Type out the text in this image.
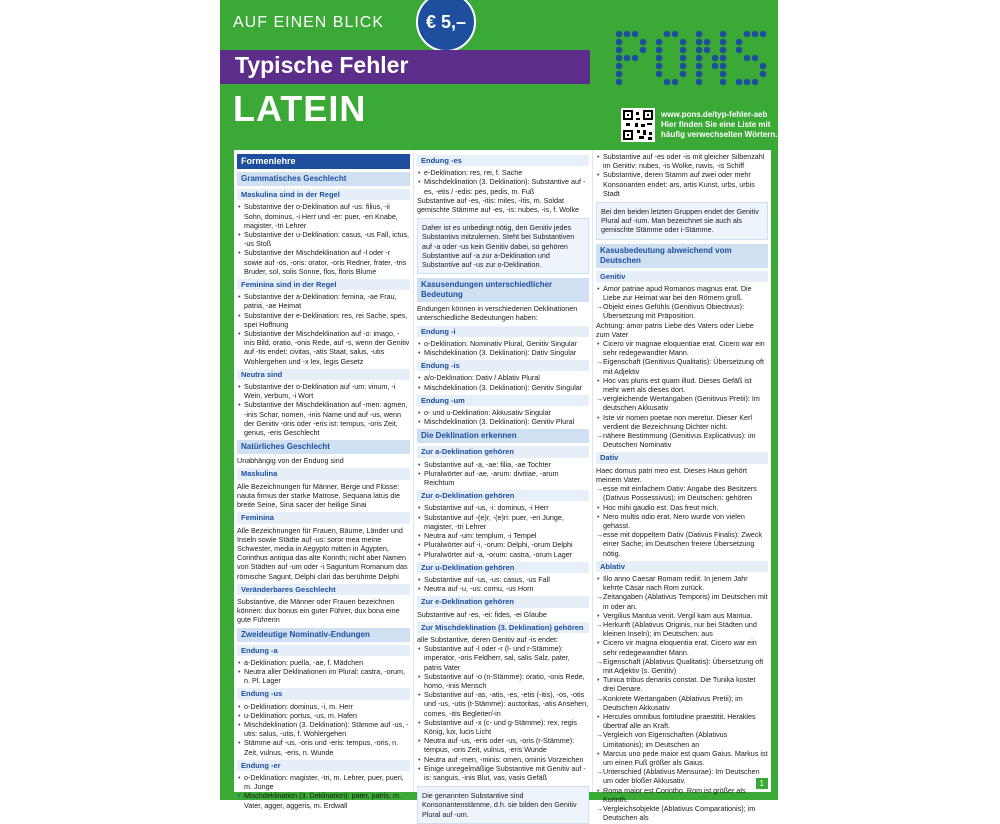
AUF EINEN BLICK	€ 5,–
Typische Fehler
LATEIN	www.pons.de/typ-fehler-aeb
Hier finden Sie eine Liste mit
häufig verwechselten Wörtern.
Formenlehre
Grammatisches Geschlecht
Maskulina sind in der Regel
• Substantive der o-Deklination auf -us: filius, -ii Sohn, dominus, -i Herr und -er: puer, -eri Knabe, magister, -tri Lehrer
• Substantive der u-Deklination: casus, -us Fall, ictus, -us Stoß
• Substantive der Mischdeklination auf -l oder -r sowie auf -os, -oris: orator, -oris Redner, frater, -tris Bruder, sol, solis Sonne, flos, floris Blume
Feminina sind in der Regel
• Substantive der a-Deklination: femina, -ae Frau, patria, -ae Heimat
• Substantive der e-Deklination: res, rei Sache, spes, spei Hoffnung
• Substantive der Mischdeklination auf -o: imago, -inis Bild, oratio, -onis Rede, auf -s, wenn der Genitiv auf -tis endet: civitas, -atis Staat, salus, -utis Wohlergehen und -x lex, legis Gesetz
Neutra sind
• Substantive der o-Deklination auf -um: vinum, -i Wein, verbum, -i Wort
• Substantive der Mischdeklination auf -men: agmen, -inis Schar, nomen, -inis Name und auf -us, wenn der Genitiv -oris oder -eris ist: tempus, -oris Zeit, genus, -eris Geschlecht
Natürliches Geschlecht
Unabhängig von der Endung sind
Maskulina
Alle Bezeichnungen für Männer, Berge und Flüsse: nauta firmus der starke Matrose, Sequana latus die breite Seine, Sina sacer der heilige Sinai
Feminina
Alle Bezeichnungen für Frauen, Bäume, Länder und Inseln sowie Städte auf -us: soror mea meine Schwester, media in Aegypto mitten in Ägypten, Corinthus antiqua das alte Korinth; nicht aber Namen von Städten auf -um oder -i Saguntum Romanum das römische Sagunt, Delphi clari das berühmte Delphi
Veränderbares Geschlecht
Substantive, die Männer oder Frauen bezeichnen können: dux bonus ein guter Führer, dux bona eine gute Führerin
Zweideutige Nominativ-Endungen
Endung -a
• a-Deklination: puella, -ae, f. Mädchen
• Neutra aller Deklinationen im Plural: castra, -orum, n. Pl. Lager
Endung -us
• o-Deklination: dominus, -i, m. Herr
• u-Deklination: portus, -us, m. Hafen
• Mischdeklination (3. Deklination): Stämme auf -us, -utis: salus, -utis, f. Wohlergehen
• Stämme auf -us, -oris und -eris: tempus, -oris, n. Zeit, vulnus, -eris, n. Wunde
Endung -er
• o-Deklination: magister, -tri, m. Lehrer, puer, pueri, m. Junge
• Mischdeklination (3. Deklination): pater, patris, m. Vater, agger, aggeris, m. Erdwall
Endung -es
• e-Deklination: res, rei, f. Sache
• Mischdeklination (3. Deklination): Substantive auf -es, -etis / -edis: pes, pedis, m. Fuß
Substantive auf -es, -itis: miles, -itis, m. Soldat gemischte Stämme auf -es, -is: nubes, -is, f. Wolke
Daher ist es unbedingt nötig, den Genitiv jedes Substantivs mitzulernen. Steht bei Substantiven auf -a oder -us kein Genitiv dabei, so gehören Substantive auf -a zur a-Deklination und Substantive auf -us zur o-Deklination.
Kasusendungen unterschiedlicher Bedeutung
Endungen können in verschiedenen Deklinationen unterschiedliche Bedeutungen haben:
Endung -i
• o-Deklination: Nominativ Plural, Genitiv Singular
• Mischdeklination (3. Deklination): Dativ Singular
Endung -is
• a/o-Deklination: Dativ / Ablativ Plural
• Mischdeklination (3. Deklination): Genitiv Singular
Endung -um
• o- und u-Deklination: Akkusativ Singular
• Mischdeklination (3. Deklination): Genitiv Plural
Die Deklination erkennen
Zur a-Deklination gehören
• Substantive auf -a, -ae: filia, -ae Tochter
• Pluralwörter auf -ae, -arum: divitiae, -arum Reichtum
Zur o-Deklination gehören
• Substantive auf -us, -i: dominus, -i Herr
• Substantive auf -(e)r, -(e)ri: puer, -eri Junge, magister, -tri Lehrer
• Neutra auf -um: templum, -i Tempel
• Pluralwörter auf -i, -orum: Delphi, -orum Delphi
• Pluralwörter auf -a, -orum: castra, -orum Lager
Zur u-Deklination gehören
• Substantive auf -us, -us: casus, -us Fall
• Neutra auf -u, -us: cornu, -us Horn
Zur e-Deklination gehören
Substantive auf -es, -ei: fides, -ei Glaube
Zur Mischdeklination (3. Deklination) gehören
alle Substantive, deren Genitiv auf -is endet:
• Substantive auf -l oder -r (l- und r-Stämme): imperator, -oris Feldherr, sal, salis Salz, pater, patris Vater
• Substantive auf -o (n-Stämme): oratio, -onis Rede, homo, -inis Mensch
• Substantive auf -as, -atis, -es, -etis (-itis), -os, -otis und -us, -utis (t-Stämme): auctoritas, -atis Ansehen, comes, -itis Begleiter/-in
• Substantive auf -x (c- und g-Stämme): rex, regis König, lux, lucis Licht
• Neutra auf -us, -eris oder -us, -oris (r-Stämme): tempus, -oris Zeit, vulnus, -eris Wunde
• Neutra auf -men, -minis: omen, ominis Vorzeichen
• Einige unregelmäßige Substantive mit Genitiv auf -is: sanguis, -inis Blut, vas, vasis Gefäß
Die genannten Substantive sind Konsonantenstämme, d.h. sie bilden den Genitiv Plural auf -um.
• Substantive auf -es oder -is mit gleicher Silbenzahl im Genitiv: nubes, -is Wolke, navis, -is Schiff
• Substantive, deren Stamm auf zwei oder mehr Konsonanten endet: ars, artis Kunst, urbs, urbis Stadt
Bei den beiden letzten Gruppen endet der Genitiv Plural auf -ium. Man bezeichnet sie auch als gemischte Stämme oder i-Stämme.
Kasusbedeutung abweichend vom Deutschen
Genitiv
• Amor patriae apud Romanos magnus erat. Die Liebe zur Heimat war bei den Römern groß.
→ Objekt eines Gefühls (Genitivus Obiectivus): Übersetzung mit Präposition.
Achtung: amor patris Liebe des Vaters oder Liebe zum Vater
• Cicero vir magnae eloquentiae erat. Cicero war ein sehr redegewandter Mann.
→ Eigenschaft (Genitivus Qualitatis): Übersetzung oft mit Adjektiv
• Hoc vas pluris est quam illud. Dieses Gefäß ist mehr wert als dieses dort.
→ vergleichende Wertangaben (Genitivus Pretii): Im deutschen Akkusativ
• Iste vir nomen poetae non meretur. Dieser Kerl verdient die Bezeichnung Dichter nicht.
→ nähere Bestimmung (Genitivus Explicativus): im Deutschen Nominativ
Dativ
Haec domus patri meo est. Dieses Haus gehört meinem Vater.
→ esse mit einfachem Dativ: Angabe des Besitzers (Dativus Possessivus); im Deutschen: gehören
• Hoc mihi gaudio est. Das freut mich.
• Nero multis odio erat. Nero wurde von vielen gehasst.
→ esse mit doppeltem Dativ (Dativus Finalis): Zweck einer Sache; im Deutschen freiere Übersetzung nötig.
Ablativ
• Illo anno Caesar Romam rediit. In jenem Jahr kehrte Cäsar nach Rom zurück.
→ Zeitangaben (Ablativus Temporis) im Deutschen mit in oder an.
• Vergilius Mantua venit. Vergil kam aus Mantua.
→ Herkunft (Ablativus Originis, nur bei Städten und kleinen Inseln); im Deutschen: aus
• Cicero vir magna eloquentia erat. Cicero war ein sehr redegewandter Mann.
→ Eigenschaft (Ablativus Qualitatis): Übersetzung oft mit Adjektiv (s. Genitiv)
• Tunica tribus denariis constat. Die Tunika kostet drei Denare.
→ Konkrete Wertangaben (Ablativus Pretii); im Deutschen Akkusativ
• Hercules omnibus fortitudine praestitit. Herakles übertraf alle an Kraft.
→ Vergleich von Eigenschaften (Ablativus Limitationis); im Deutschen an
• Marcus uno pede maior est quam Gaius. Markus ist um einen Fuß größer als Gaius.
→ Unterschied (Ablativus Mensurae): Im Deutschen um oder bloßer Akkusativ.
• Roma maior est Corintho. Rom ist größer als Korinth.
→ Vergleichsobjekte (Ablativus Comparationis); im Deutschen als
1
